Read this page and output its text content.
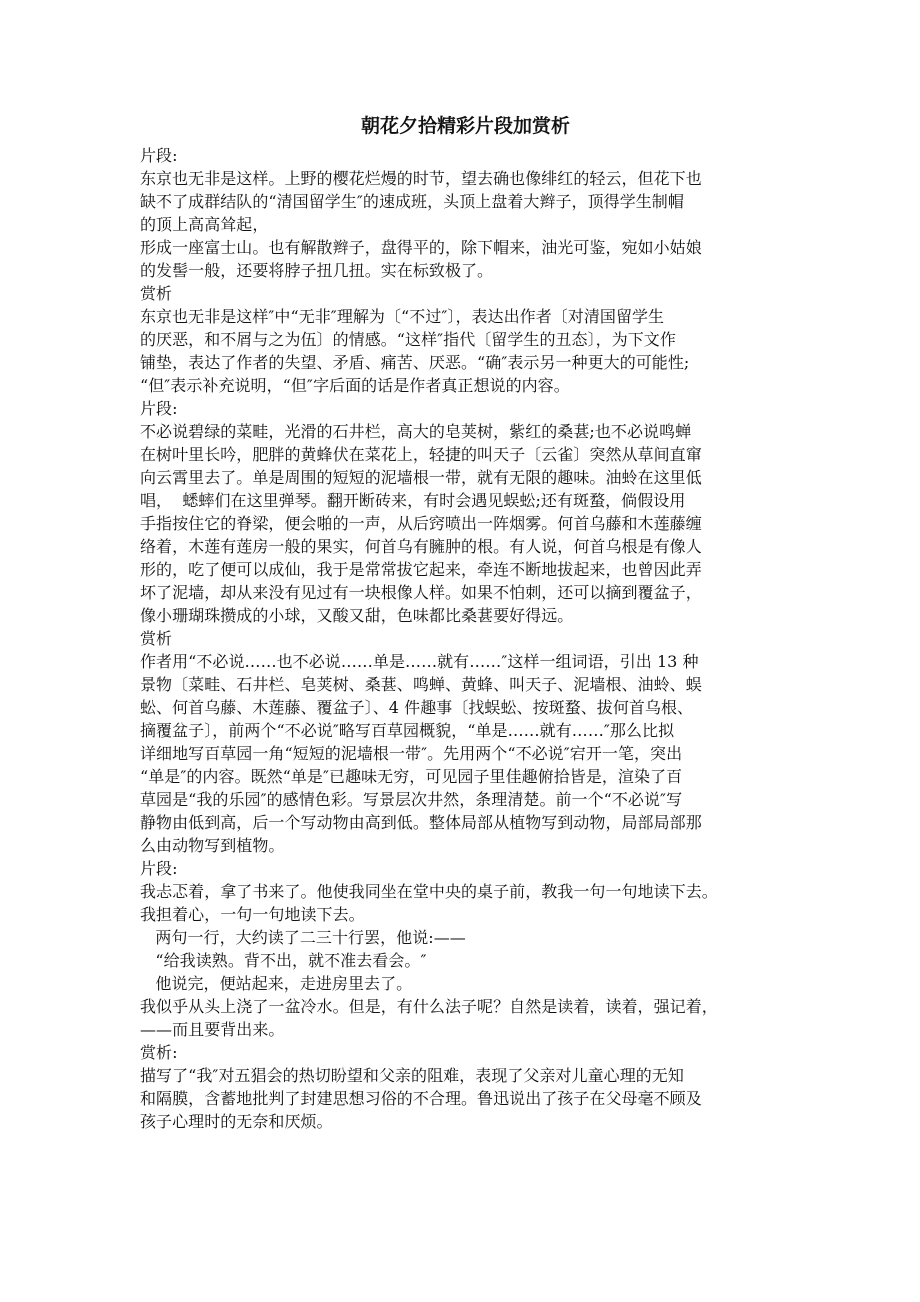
朝花夕拾精彩片段加赏析
片段:
东京也无非是这样。上野的樱花烂熳的时节，望去确也像绯红的轻云，但花下也
缺不了成群结队的“清国留学生″的速成班，头顶上盘着大辫子，顶得学生制帽
的顶上高高耸起，
形成一座富士山。也有解散辫子，盘得平的，除下帽来，油光可鉴，宛如小姑娘
的发髻一般，还要将脖子扭几扭。实在标致极了。
赏析
东京也无非是这样″中“无非″理解为〔“不过″〕，表达出作者〔对清国留学生
的厌恶，和不屑与之为伍〕的情感。“这样″指代〔留学生的丑态〕，为下文作
铺垫，表达了作者的失望、矛盾、痛苦、厌恶。“确″表示另一种更大的可能性;
“但″表示补充说明，“但″字后面的话是作者真正想说的内容。
片段:
不必说碧绿的菜畦，光滑的石井栏，高大的皂荚树，紫红的桑葚;也不必说鸣蝉
在树叶里长吟，肥胖的黄蜂伏在菜花上，轻捷的叫天子〔云雀〕突然从草间直窜
向云霄里去了。单是周围的短短的泥墙根一带，就有无限的趣味。油蛉在这里低
唱，  蟋蟀们在这里弹琴。翻开断砖来，有时会遇见蜈蚣;还有斑蝥，倘假设用
手指按住它的脊梁，便会啪的一声，从后窍喷出一阵烟雾。何首乌藤和木莲藤缠
络着，木莲有莲房一般的果实，何首乌有臃肿的根。有人说，何首乌根是有像人
形的，吃了便可以成仙，我于是常常拔它起来，牵连不断地拔起来，也曾因此弄
坏了泥墙，却从来没有见过有一块根像人样。如果不怕刺，还可以摘到覆盆子，
像小珊瑚珠攒成的小球，又酸又甜，色味都比桑葚要好得远。
赏析
作者用“不必说……也不必说……单是……就有……″这样一组词语，引出 13 种
景物〔菜畦、石井栏、皂荚树、桑葚、鸣蝉、黄蜂、叫天子、泥墙根、油蛉、蜈
蚣、何首乌藤、木莲藤、覆盆子〕、4 件趣事〔找蜈蚣、按斑蝥、拔何首乌根、
摘覆盆子〕，前两个“不必说″略写百草园概貌，“单是……就有……″那么比拟
详细地写百草园一角“短短的泥墙根一带″。先用两个“不必说″宕开一笔，突出
“单是″的内容。既然“单是″已趣味无穷，可见园子里佳趣俯拾皆是，渲染了百
草园是“我的乐园″的感情色彩。写景层次井然，条理清楚。前一个“不必说″写
静物由低到高，后一个写动物由高到低。整体局部从植物写到动物，局部局部那
么由动物写到植物。
片段:
我忐忑着，拿了书来了。他使我同坐在堂中央的桌子前，教我一句一句地读下去。
我担着心，一句一句地读下去。
两句一行，大约读了二三十行罢，他说:——
“给我读熟。背不出，就不准去看会。″
他说完，便站起来，走进房里去了。
我似乎从头上浇了一盆冷水。但是，有什么法子呢？自然是读着，读着，强记着，
——而且要背出来。
赏析:
描写了“我″对五猖会的热切盼望和父亲的阻难，表现了父亲对儿童心理的无知
和隔膜，含蓄地批判了封建思想习俗的不合理。鲁迅说出了孩子在父母毫不顾及
孩子心理时的无奈和厌烦。
